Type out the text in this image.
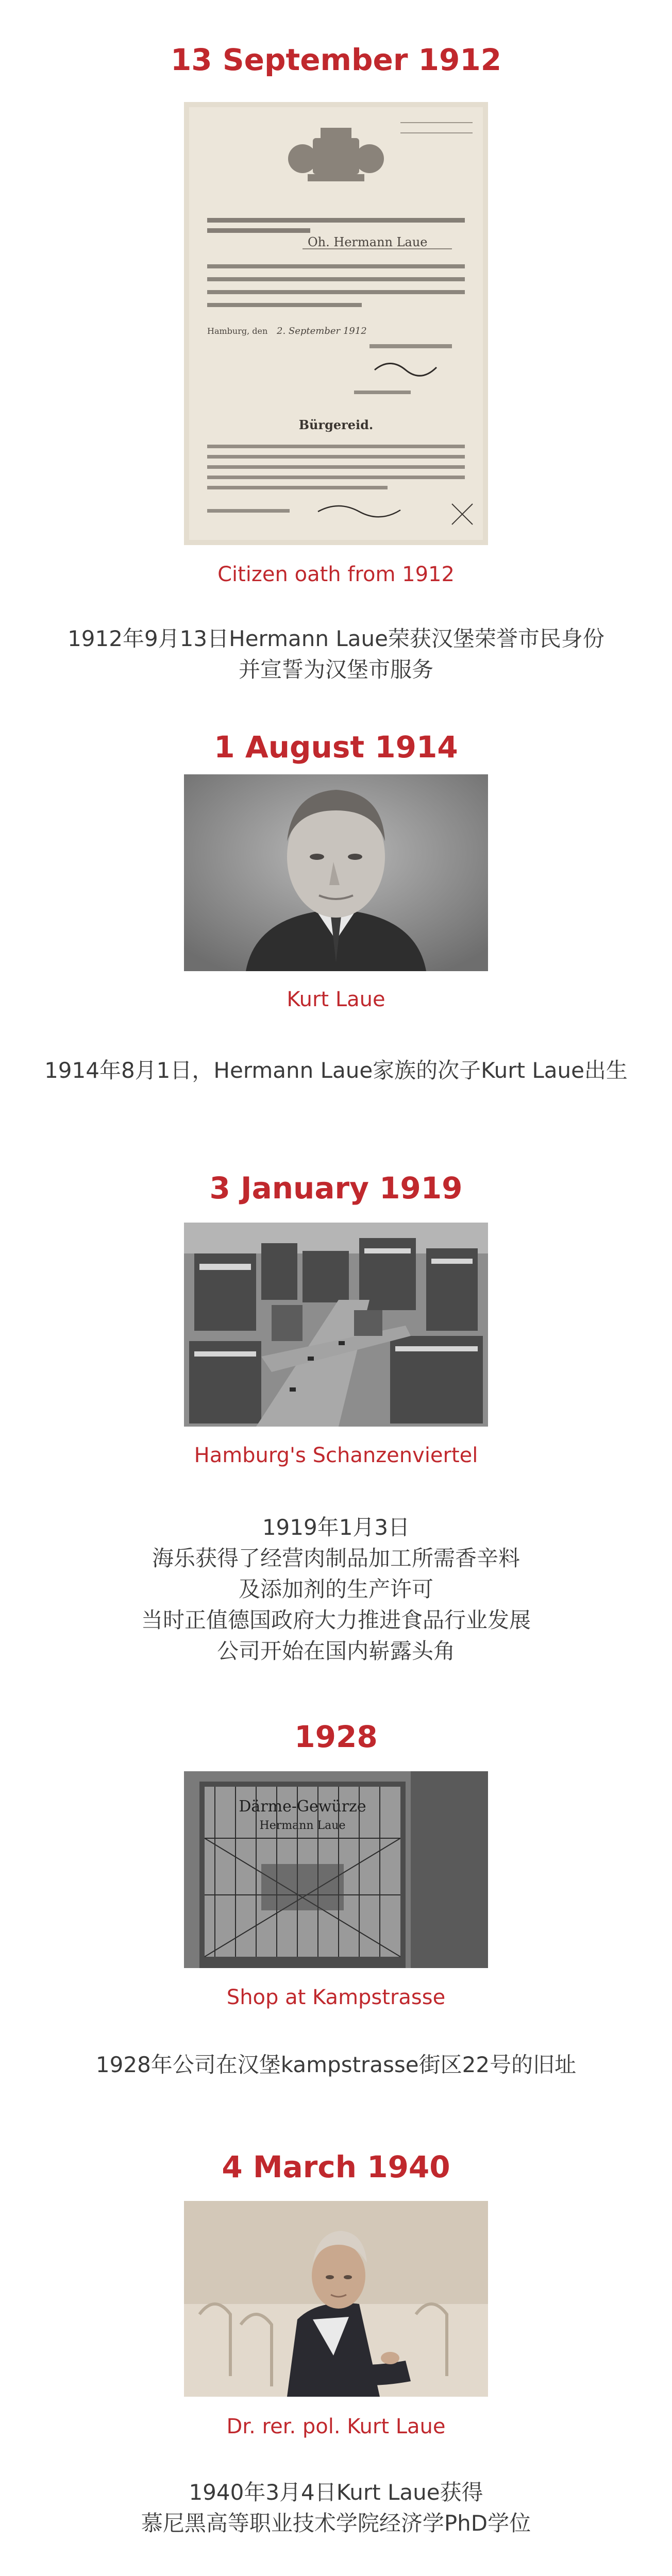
13 September 1912
Oh. Hermann Laue
Hamburg, den 2. September 1912
Bürgereid.
Citizen oath from 1912
1912年9月13日Hermann Laue荣获汉堡荣誉市民身份
并宣誓为汉堡市服务
1 August 1914
Kurt Laue
1914年8月1日，Hermann Laue家族的次子Kurt Laue出生
3 January 1919
Hamburg's Schanzenviertel
1919年1月3日
海乐获得了经营肉制品加工所需香辛料
及添加剂的生产许可
当时正值德国政府大力推进食品行业发展
公司开始在国内崭露头角
1928
Därme-Gewürze
Hermann Laue
Shop at Kampstrasse
1928年公司在汉堡kampstrasse街区22号的旧址
4 March 1940
Dr. rer. pol. Kurt Laue
1940年3月4日Kurt Laue获得
慕尼黑高等职业技术学院经济学PhD学位
